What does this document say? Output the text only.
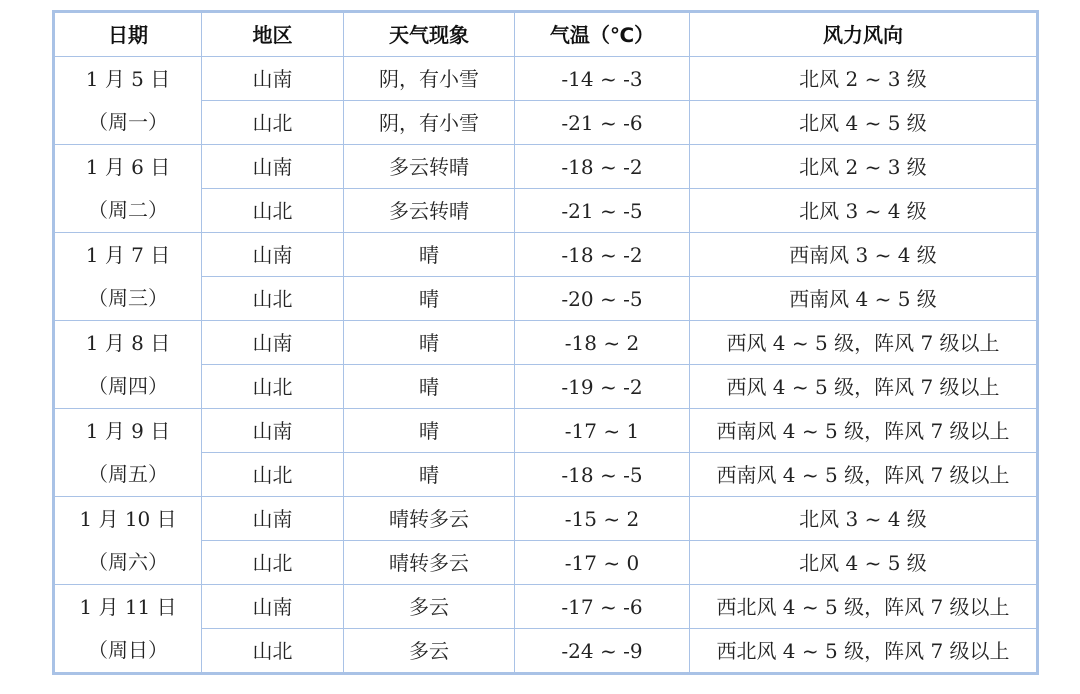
日期	地区	天气现象	气温（℃）	风力风向

1 月 5 日
（周一）	山南	阴，有小雪	-14 ~ -3	北风 2 ~ 3 级
	山北	阴，有小雪	-21 ~ -6	北风 4 ~ 5 级

1 月 6 日
（周二）	山南	多云转晴	-18 ~ -2	北风 2 ~ 3 级
	山北	多云转晴	-21 ~ -5	北风 3 ~ 4 级

1 月 7 日
（周三）	山南	晴	-18 ~ -2	西南风 3 ~ 4 级
	山北	晴	-20 ~ -5	西南风 4 ~ 5 级

1 月 8 日
（周四）	山南	晴	-18 ~ 2	西风 4 ~ 5 级，阵风 7 级以上
	山北	晴	-19 ~ -2	西风 4 ~ 5 级，阵风 7 级以上

1 月 9 日
（周五）	山南	晴	-17 ~ 1	西南风 4 ~ 5 级，阵风 7 级以上
	山北	晴	-18 ~ -5	西南风 4 ~ 5 级，阵风 7 级以上

1 月 10 日
（周六）	山南	晴转多云	-15 ~ 2	北风 3 ~ 4 级
	山北	晴转多云	-17 ~ 0	北风 4 ~ 5 级

1 月 11 日
（周日）	山南	多云	-17 ~ -6	西北风 4 ~ 5 级，阵风 7 级以上
	山北	多云	-24 ~ -9	西北风 4 ~ 5 级，阵风 7 级以上
